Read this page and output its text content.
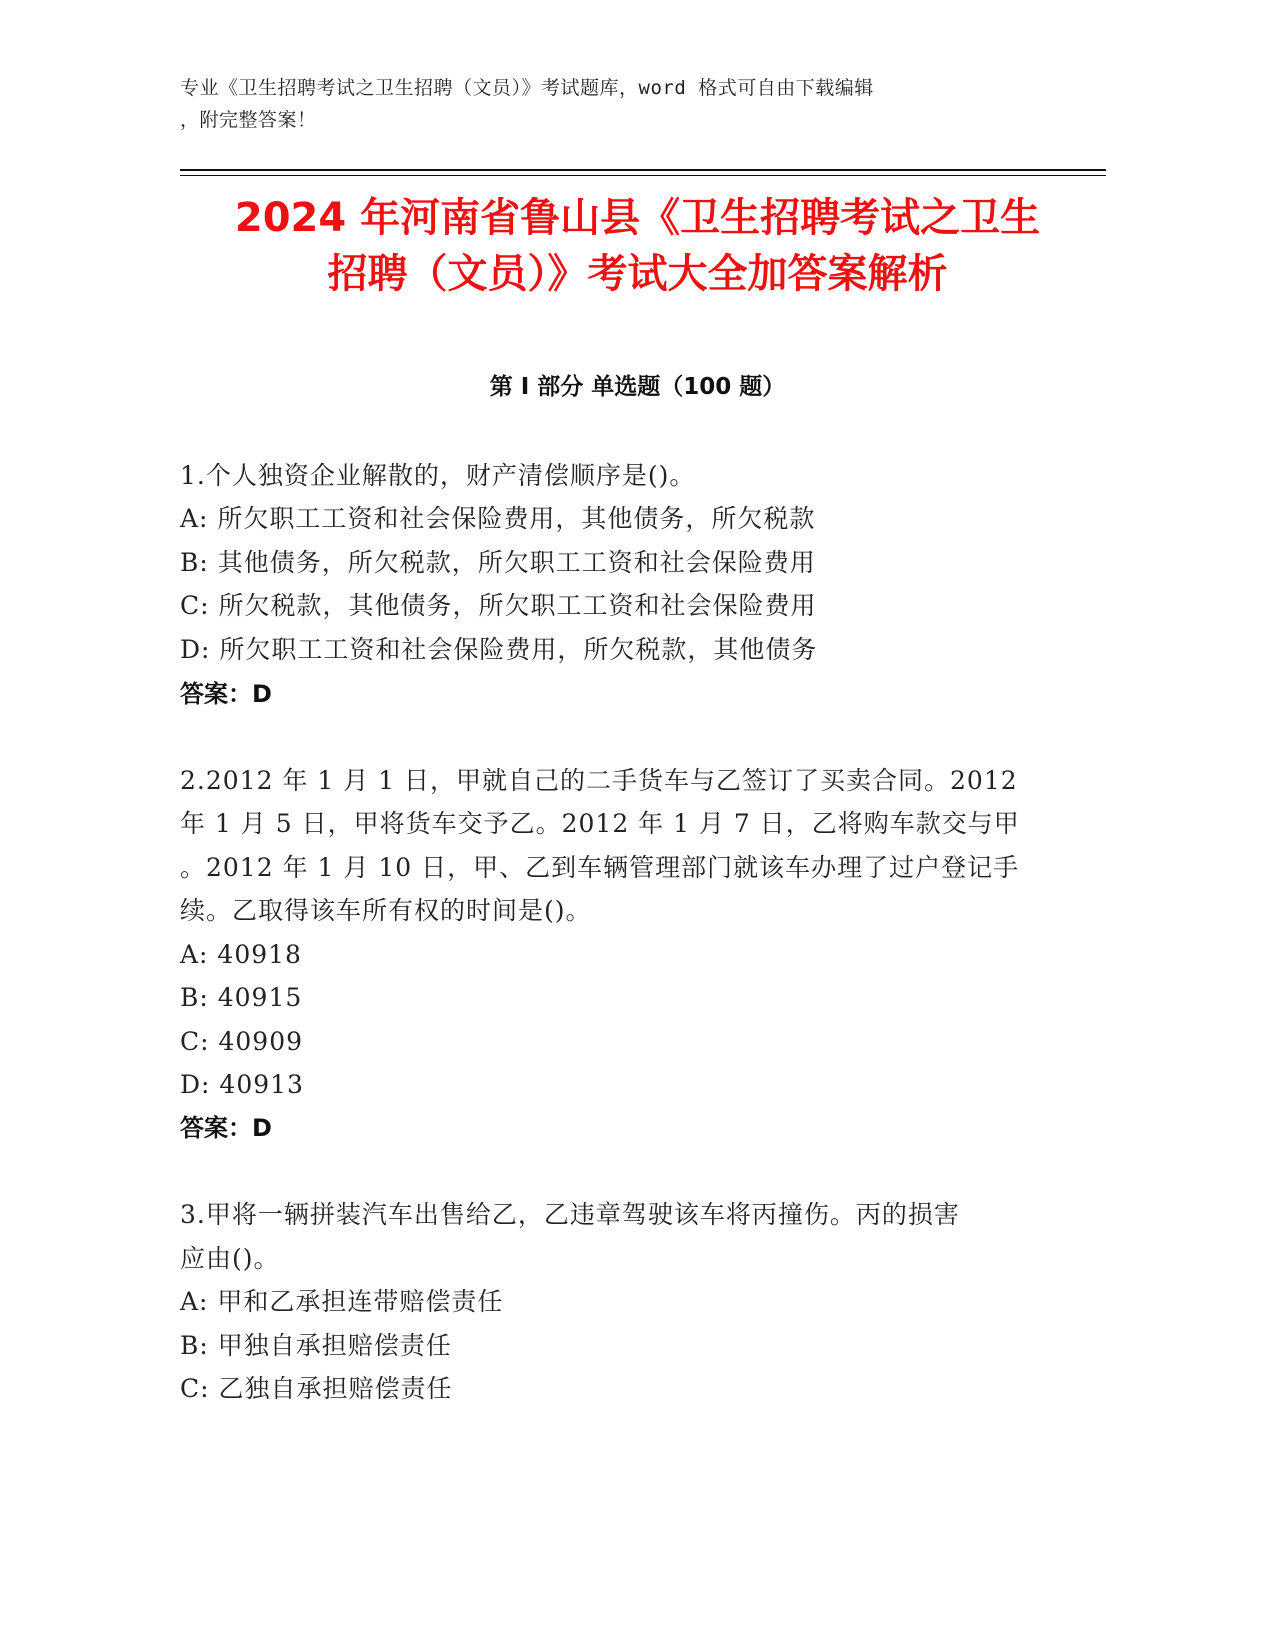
专业《卫生招聘考试之卫生招聘（文员）》考试题库，word 格式可自由下载编辑
，附完整答案！
2024 年河南省鲁山县《卫生招聘考试之卫生
招聘（文员）》考试大全加答案解析
第 I 部分 单选题（100 题）
1.个人独资企业解散的，财产清偿顺序是()。
A: 所欠职工工资和社会保险费用，其他债务，所欠税款
B: 其他债务，所欠税款，所欠职工工资和社会保险费用
C: 所欠税款，其他债务，所欠职工工资和社会保险费用
D: 所欠职工工资和社会保险费用，所欠税款，其他债务
答案：D
2.2012 年 1 月 1 日，甲就自己的二手货车与乙签订了买卖合同。2012
年 1 月 5 日，甲将货车交予乙。2012 年 1 月 7 日，乙将购车款交与甲
。2012 年 1 月 10 日，甲、乙到车辆管理部门就该车办理了过户登记手
续。乙取得该车所有权的时间是()。
A: 40918
B: 40915
C: 40909
D: 40913
答案：D
3.甲将一辆拼装汽车出售给乙，乙违章驾驶该车将丙撞伤。丙的损害
应由()。
A: 甲和乙承担连带赔偿责任
B: 甲独自承担赔偿责任
C: 乙独自承担赔偿责任
